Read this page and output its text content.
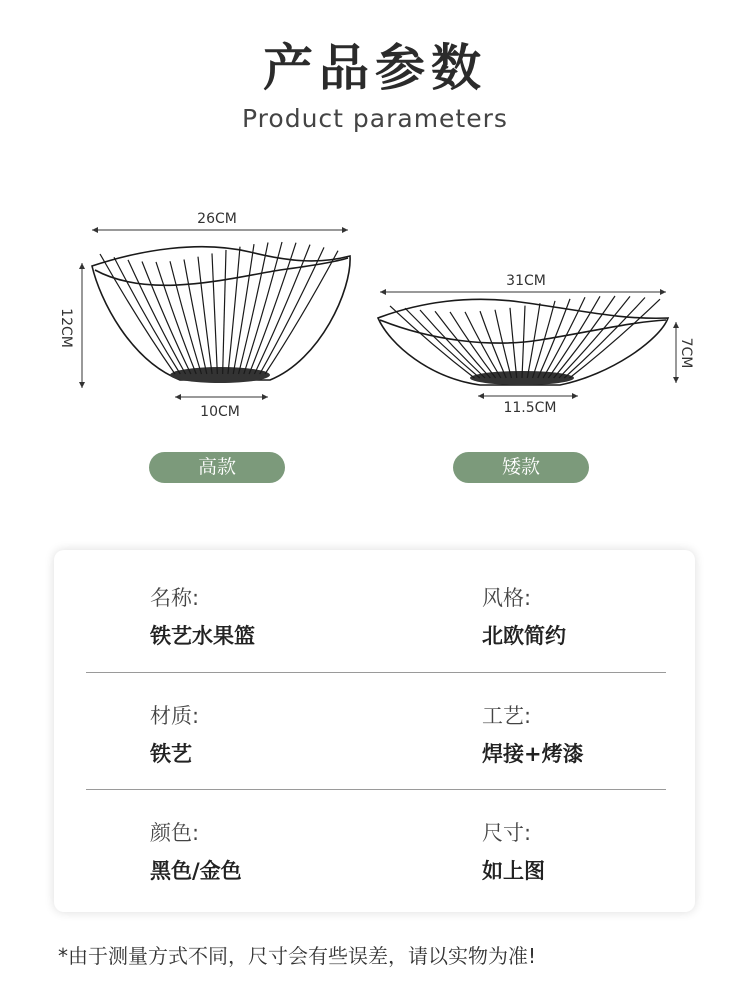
产品参数
Product parameters
26CM
12CM
10CM
31CM
7CM
11.5CM
高款	矮款
名称:
铁艺水果篮
风格:
北欧简约
材质:
铁艺
工艺:
焊接+烤漆
颜色:
黑色/金色
尺寸:
如上图
*由于测量方式不同，尺寸会有些误差，请以实物为准!
